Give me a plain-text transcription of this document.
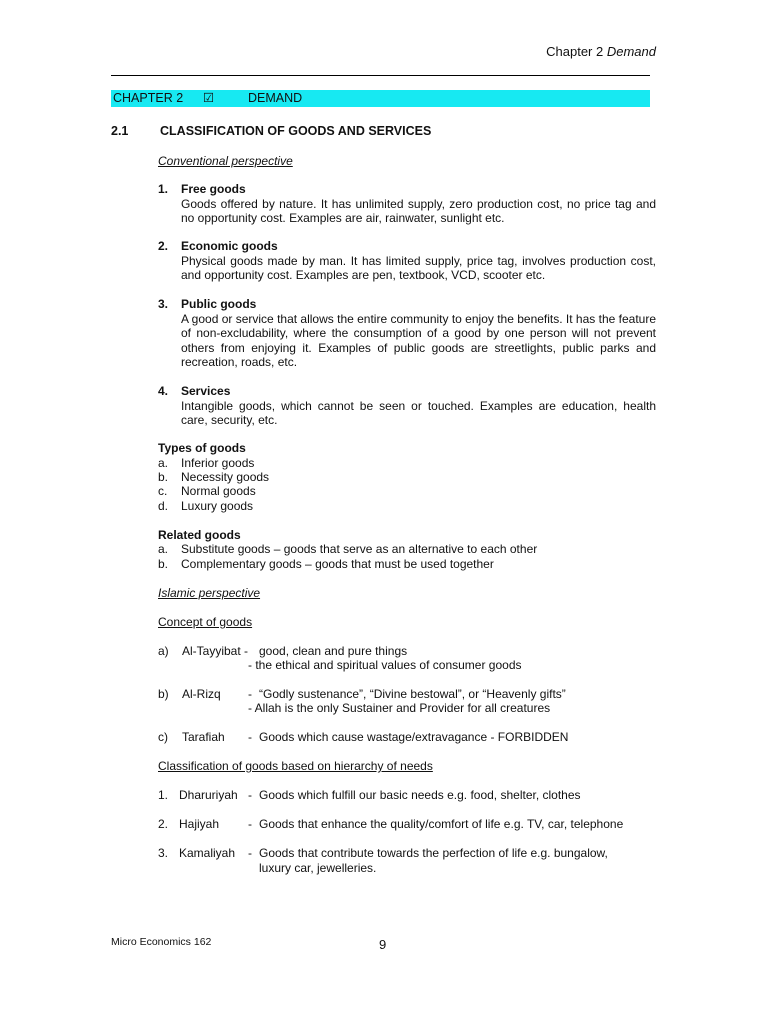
Chapter 2 Demand
CHAPTER 2 ☑	DEMAND
2.1	CLASSIFICATION OF GOODS AND SERVICES
Conventional perspective
1. Free goods
Goods offered by nature. It has unlimited supply, zero production cost, no price tag and no opportunity cost. Examples are air, rainwater, sunlight etc.
2. Economic goods
Physical goods made by man. It has limited supply, price tag, involves production cost, and opportunity cost. Examples are pen, textbook, VCD, scooter etc.
3. Public goods
A good or service that allows the entire community to enjoy the benefits. It has the feature of non-excludability, where the consumption of a good by one person will not prevent others from enjoying it. Examples of public goods are streetlights, public parks and recreation, roads, etc.
4. Services
Intangible goods, which cannot be seen or touched. Examples are education, health care, security, etc.
Types of goods
a. Inferior goods
b. Necessity goods
c. Normal goods
d. Luxury goods
Related goods
a. Substitute goods – goods that serve as an alternative to each other
b. Complementary goods – goods that must be used together
Islamic perspective
Concept of goods
a) Al-Tayyibat - good, clean and pure things
- the ethical and spiritual values of consumer goods
b) Al-Rizq - “Godly sustenance”, “Divine bestowal”, or “Heavenly gifts”
- Allah is the only Sustainer and Provider for all creatures
c) Tarafiah - Goods which cause wastage/extravagance - FORBIDDEN
Classification of goods based on hierarchy of needs
1. Dharuriyah - Goods which fulfill our basic needs e.g. food, shelter, clothes
2. Hajiyah - Goods that enhance the quality/comfort of life e.g. TV, car, telephone
3. Kamaliyah - Goods that contribute towards the perfection of life e.g. bungalow,
luxury car, jewelleries.
Micro Economics 162	9
